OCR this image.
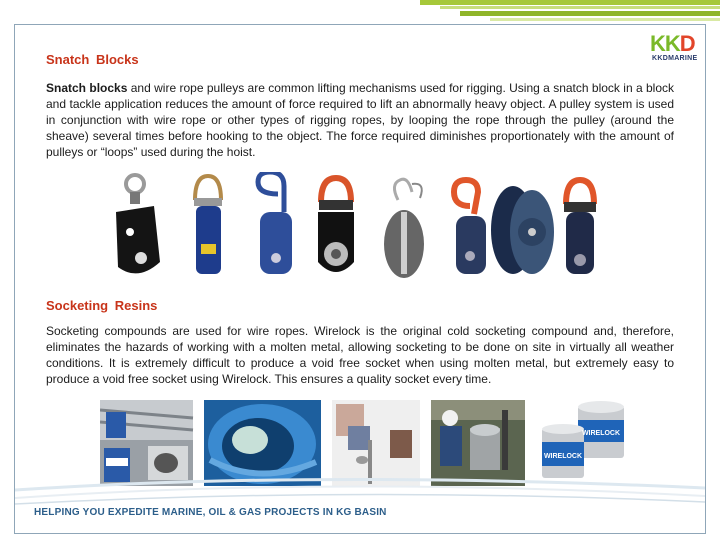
KKD
KKDMARINE
Snatch Blocks
Snatch blocks and wire rope pulleys are common lifting mechanisms used for rigging. Using a snatch block in a block and tackle application reduces the amount of force required to lift an abnormally heavy object. A pulley system is used in conjunction with wire rope or other types of rigging ropes, by looping the rope through the pulley (around the sheave) several times before hooking to the object. The force required diminishes proportionately with the amount of pulleys or “loops” used during the hoist.
Socketing Resins
Socketing compounds are used for wire ropes. Wirelock is the original cold socketing compound and, therefore, eliminates the hazards of working with a molten metal, allowing socketing to be done on site in virtually all weather conditions. It is extremely difficult to produce a void free socket when using molten metal, but extremely easy to produce a void free socket using Wirelock. This ensures a quality socket every time.
WIRELOCK
WIRELOCK
HELPING YOU EXPEDITE MARINE, OIL & GAS PROJECTS IN KG BASIN
